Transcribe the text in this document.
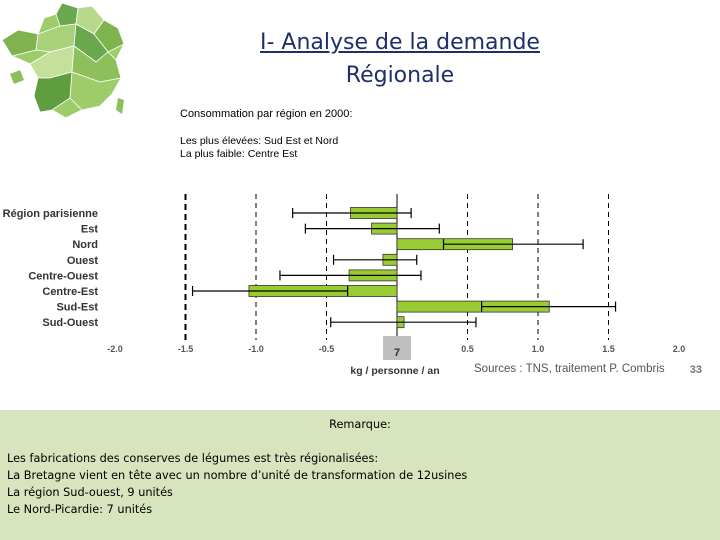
I- Analyse de la demande
Régionale
Consommation par région en 2000:
Les plus élevées: Sud Est et Nord
La plus faible: Centre Est
Région parisienne
Est
Nord
Ouest
Centre-Ouest
Centre-Est
Sud-Est
Sud-Ouest
-2.0	-1.5	-1.0	-0.5	7	0.5	1.0	1.5	2.0
kg / personne / an	Sources : TNS, traitement P. Combris 33
Remarque:
Les fabrications des conserves de légumes est très régionalisées:
La Bretagne vient en tête avec un nombre d’unité de transformation de 12usines
La région Sud-ouest, 9 unités
Le Nord-Picardie: 7 unités
